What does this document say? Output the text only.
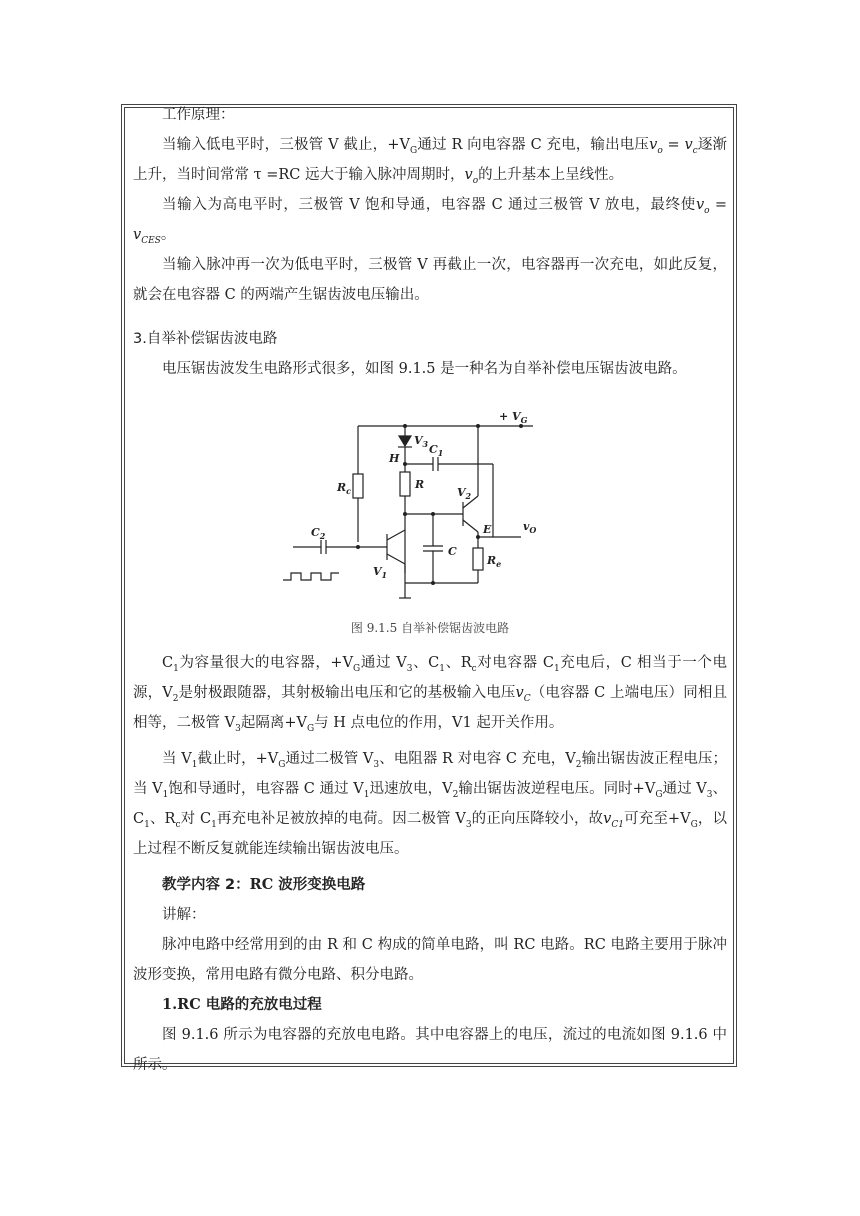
工作原理：

当输入低电平时，三极管 V 截止，$+V_G$通过 R 向电容器 C 充电，输出电压$v_o = v_c$逐渐上升，当时间常常 τ =RC 远大于输入脉冲周期时，$v_o$的上升基本上呈线性。

当输入为高电平时，三极管 V 饱和导通，电容器 C 通过三极管 V 放电，最终使$v_o = v_{CES}$。

当输入脉冲再一次为低电平时，三极管 V 再截止一次，电容器再一次充电，如此反复，就会在电容器 C 的两端产生锯齿波电压输出。

3.自举补偿锯齿波电路

电压锯齿波发生电路形式很多，如图 9.1.5 是一种名为自举补偿电压锯齿波电路。

+ $V_G$
$V_3$
H
$C_1$
R
$R_c$	$V_2$
$C_2$
C
E	$v_O$
$V_1$
$R_e$
图 9.1.5 自举补偿锯齿波电路

$C_1$为容量很大的电容器，$+V_G$通过 $V_3$、$C_1$、$R_c$对电容器 $C_1$充电后，C 相当于一个电源，$V_2$是射极跟随器，其射极输出电压和它的基极输入电压$v_C$（电容器 C 上端电压）同相且相等，二极管 $V_3$起隔离$+V_G$与 H 点电位的作用，V1 起开关作用。

当 $V_1$截止时，$+V_G$通过二极管 $V_3$、电阻器 R 对电容 C 充电，$V_2$输出锯齿波正程电压；当 $V_1$饱和导通时，电容器 C 通过 $V_1$迅速放电，$V_2$输出锯齿波逆程电压。同时$+V_G$通过 $V_3$、$C_1$、$R_c$对 $C_1$再充电补足被放掉的电荷。因二极管 $V_3$的正向压降较小，故$v_{C1}$可充至$+V_G$，以上过程不断反复就能连续输出锯齿波电压。

教学内容 2：RC 波形变换电路

讲解：

脉冲电路中经常用到的由 R 和 C 构成的简单电路，叫 RC 电路。RC 电路主要用于脉冲波形变换，常用电路有微分电路、积分电路。

1.RC 电路的充放电过程

图 9.1.6 所示为电容器的充放电电路。其中电容器上的电压，流过的电流如图 9.1.6 中所示。
